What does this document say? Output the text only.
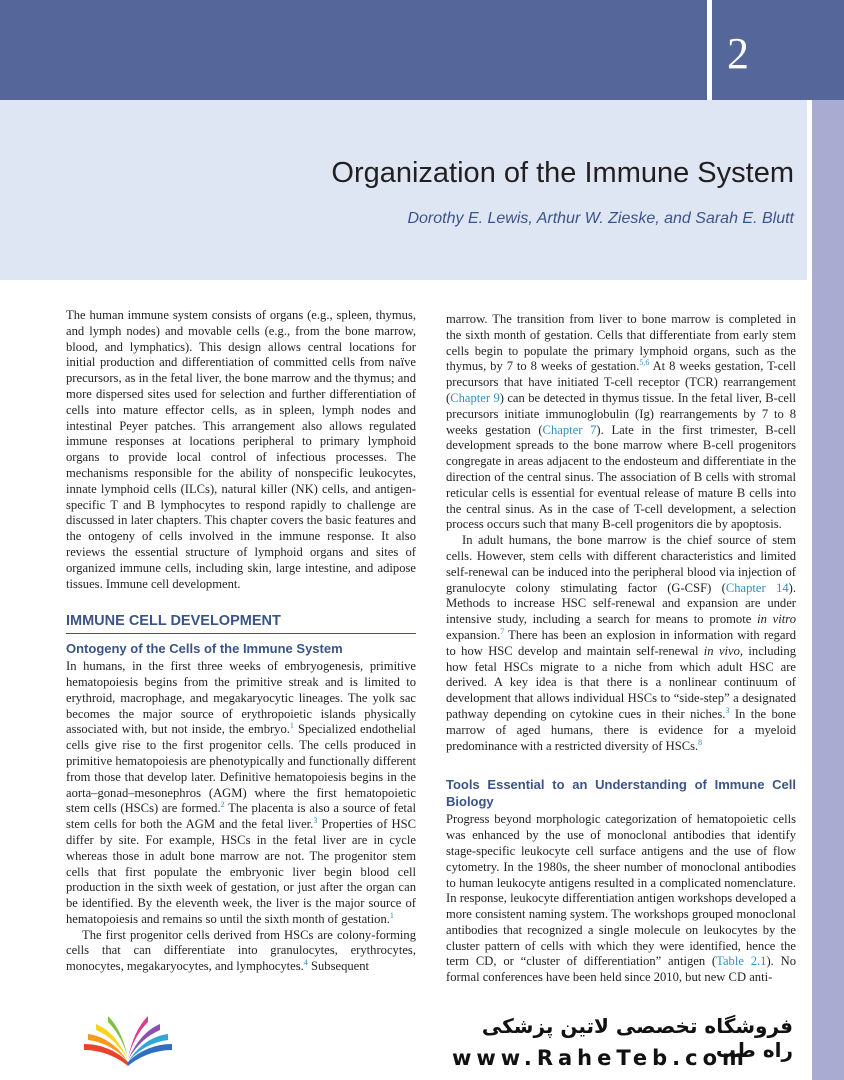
2
Organization of the Immune System
Dorothy E. Lewis, Arthur W. Zieske, and Sarah E. Blutt

The human immune system consists of organs (e.g., spleen, thymus, and lymph nodes) and movable cells (e.g., from the bone marrow, blood, and lymphatics). This design allows central locations for initial production and differentiation of committed cells from naïve precursors, as in the fetal liver, the bone marrow and the thymus; and more dispersed sites used for selection and further differentiation of cells into mature effector cells, as in spleen, lymph nodes and intestinal Peyer patches. This arrangement also allows regulated immune responses at locations peripheral to primary lymphoid organs to provide local control of infectious processes. The mechanisms responsible for the ability of nonspecific leukocytes, innate lymphoid cells (ILCs), natural killer (NK) cells, and antigen-specific T and B lymphocytes to respond rapidly to challenge are discussed in later chapters. This chapter covers the basic features and the ontogeny of cells involved in the immune response. It also reviews the essential structure of lymphoid organs and sites of organized immune cells, including skin, large intestine, and adipose tissues. Immune cell development.

IMMUNE CELL DEVELOPMENT
Ontogeny of the Cells of the Immune System

In humans, in the first three weeks of embryogenesis, primitive hematopoiesis begins from the primitive streak and is limited to erythroid, macrophage, and megakaryocytic lineages. The yolk sac becomes the major source of erythropoietic islands physically associated with, but not inside, the embryo.$^1$ Specialized endothelial cells give rise to the first progenitor cells. The cells produced in primitive hematopoiesis are phenotypically and functionally different from those that develop later. Definitive hematopoiesis begins in the aorta–gonad–mesonephros (AGM) where the first hematopoietic stem cells (HSCs) are formed.$^2$ The placenta is also a source of fetal stem cells for both the AGM and the fetal liver.$^3$ Properties of HSC differ by site. For example, HSCs in the fetal liver are in cycle whereas those in adult bone marrow are not. The progenitor stem cells that first populate the embryonic liver begin blood cell production in the sixth week of gestation, or just after the organ can be identified. By the eleventh week, the liver is the major source of hematopoiesis and remains so until the sixth month of gestation.$^1$

The first progenitor cells derived from HSCs are colony-forming cells that can differentiate into granulocytes, erythrocytes, monocytes, megakaryocytes, and lymphocytes.$^4$ Subsequent

marrow. The transition from liver to bone marrow is completed in the sixth month of gestation. Cells that differentiate from early stem cells begin to populate the primary lymphoid organs, such as the thymus, by 7 to 8 weeks of gestation.$^{5,6}$ At 8 weeks gestation, T-cell precursors that have initiated T-cell receptor (TCR) rearrangement (Chapter 9) can be detected in thymus tissue. In the fetal liver, B-cell precursors initiate immunoglobulin (Ig) rearrangements by 7 to 8 weeks gestation (Chapter 7). Late in the first trimester, B-cell development spreads to the bone marrow where B-cell progenitors congregate in areas adjacent to the endosteum and differentiate in the direction of the central sinus. The association of B cells with stromal reticular cells is essential for eventual release of mature B cells into the central sinus. As in the case of T-cell development, a selection process occurs such that many B-cell progenitors die by apoptosis.

In adult humans, the bone marrow is the chief source of stem cells. However, stem cells with different characteristics and limited self-renewal can be induced into the peripheral blood via injection of granulocyte colony stimulating factor (G-CSF) (Chapter 14). Methods to increase HSC self-renewal and expansion are under intensive study, including a search for means to promote in vitro expansion.$^7$ There has been an explosion in information with regard to how HSC develop and maintain self-renewal in vivo, including how fetal HSCs migrate to a niche from which adult HSC are derived. A key idea is that there is a nonlinear continuum of development that allows individual HSCs to “side-step” a designated pathway depending on cytokine cues in their niches.$^3$ In the bone marrow of aged humans, there is evidence for a myeloid predominance with a restricted diversity of HSCs.$^8$

Tools Essential to an Understanding of Immune Cell Biology

Progress beyond morphologic categorization of hematopoietic cells was enhanced by the use of monoclonal antibodies that identify stage-specific leukocyte cell surface antigens and the use of flow cytometry. In the 1980s, the sheer number of monoclonal antibodies to human leukocyte antigens resulted in a complicated nomenclature. In response, leukocyte differentiation antigen workshops developed a more consistent naming system. The workshops grouped monoclonal antibodies that recognized a single molecule on leukocytes by the cluster pattern of cells with which they were identified, hence the term CD, or “cluster of differentiation” antigen (Table 2.1). No formal conferences have been held since 2010, but new CD anti-

فروشگاه تخصصی لاتین پزشکی راه طب
www.RaheTeb.com
